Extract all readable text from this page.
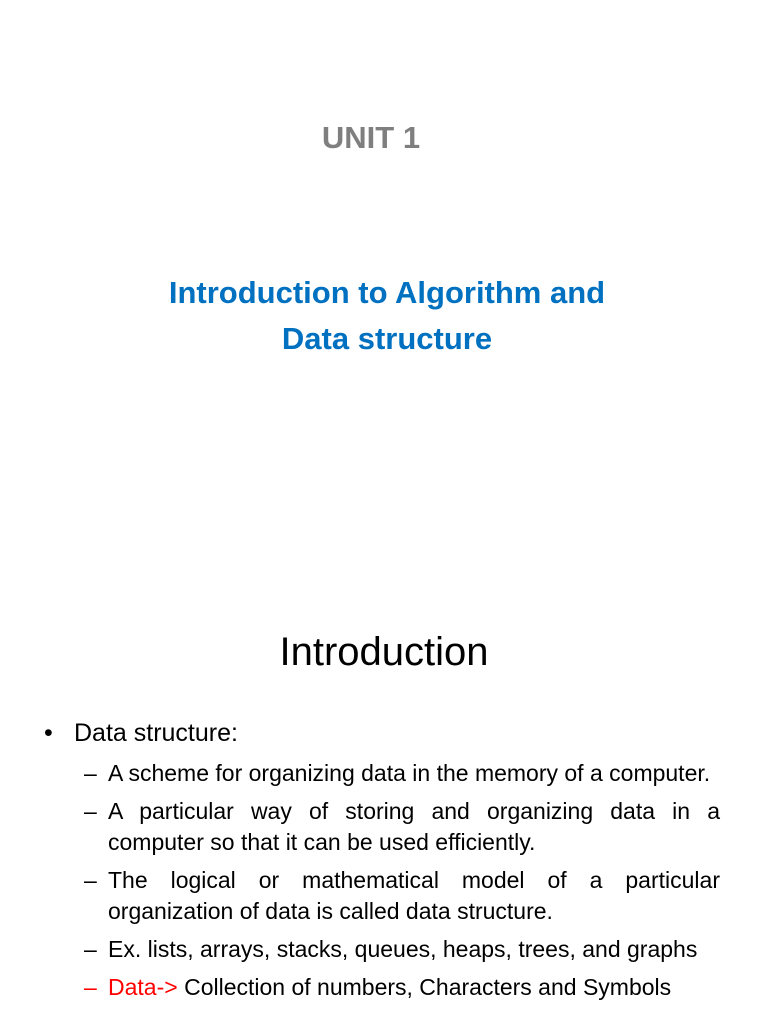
UNIT 1
Introduction to Algorithm and
Data structure
Introduction
• Data structure:
– A scheme for organizing data in the memory of a computer.
– A particular way of storing and organizing data in a computer so that it can be used efficiently.
– The logical or mathematical model of a particular organization of data is called data structure.
– Ex. lists, arrays, stacks, queues, heaps, trees, and graphs
– Data-> Collection of numbers, Characters and Symbols
